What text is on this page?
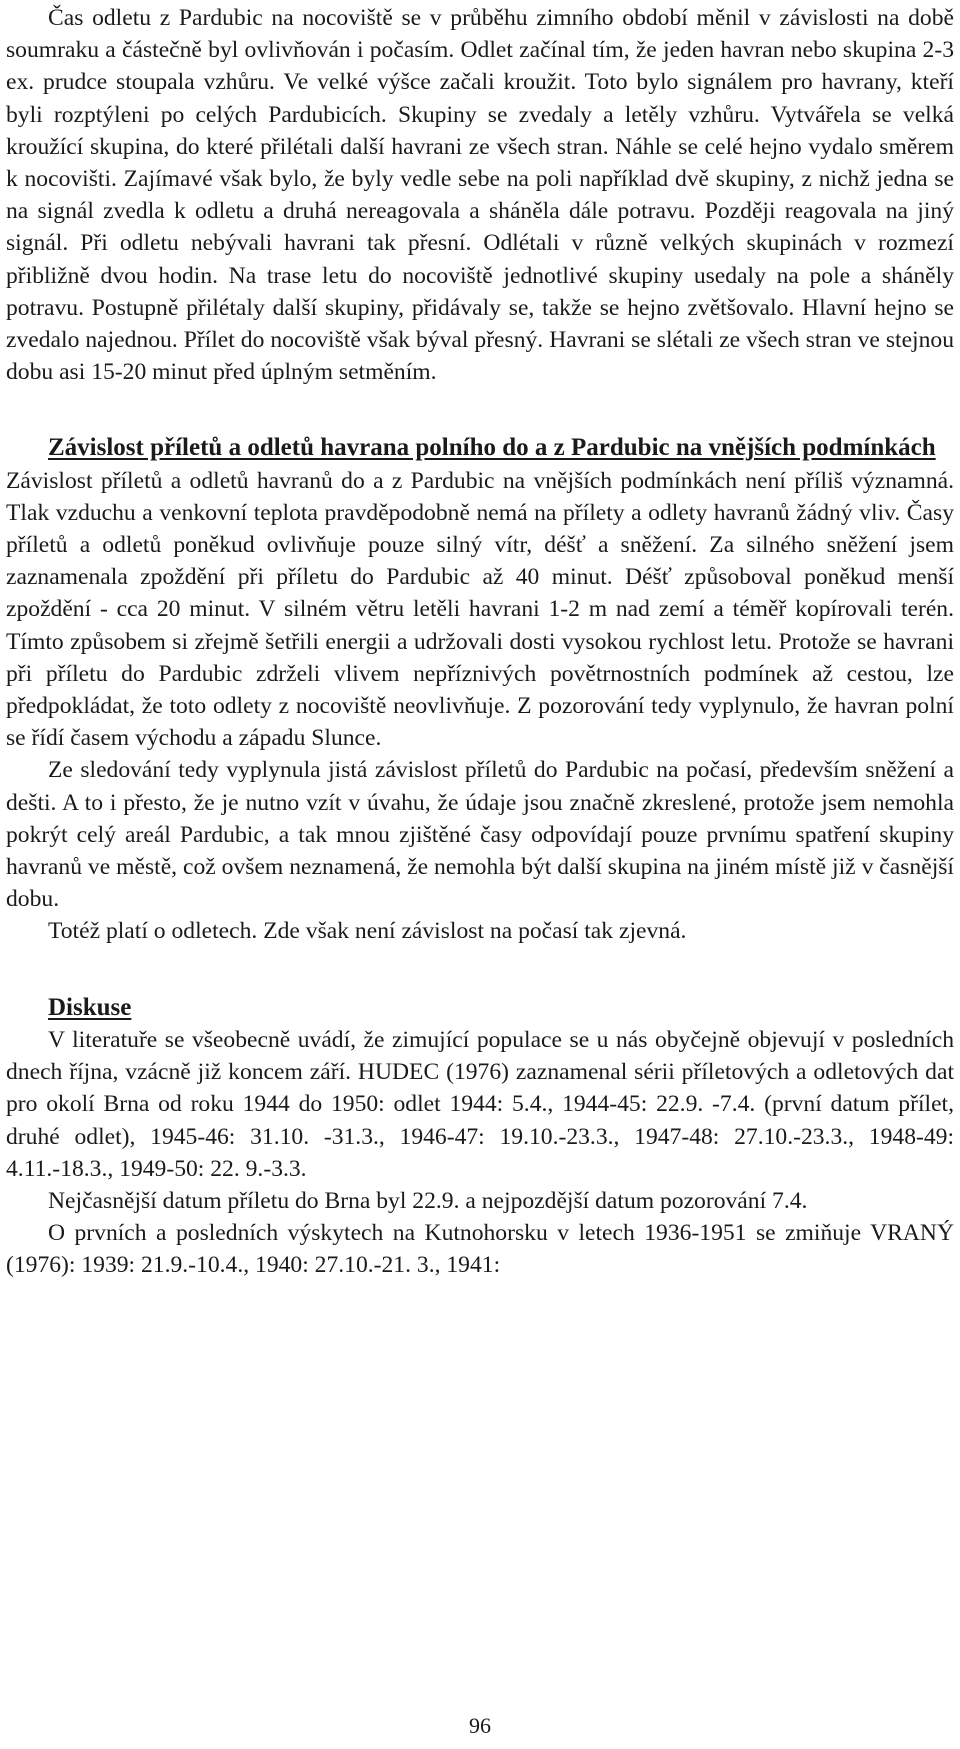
Čas odletu z Pardubic na nocoviště se v průběhu zimního období měnil v závislosti na době soumraku a částečně byl ovlivňován i počasím. Odlet začínal tím, že jeden havran nebo skupina 2-3 ex. prudce stoupala vzhůru. Ve velké výšce začali kroužit. Toto bylo signálem pro havrany, kteří byli rozptýleni po celých Pardubicích. Skupiny se zvedaly a letěly vzhůru. Vytvářela se velká kroužící skupina, do které přilétali další havrani ze všech stran. Náhle se celé hejno vydalo směrem k nocovišti. Zajímavé však bylo, že byly vedle sebe na poli například dvě skupiny, z nichž jedna se na signál zvedla k odletu a druhá nereagovala a sháněla dále potravu. Později reagovala na jiný signál. Při odletu nebývali havrani tak přesní. Odlétali v různě velkých skupinách v rozmezí přibližně dvou hodin. Na trase letu do nocoviště jednotlivé skupiny usedaly na pole a sháněly potravu. Postupně přilétaly další skupiny, přidávaly se, takže se hejno zvětšovalo. Hlavní hejno se zvedalo najednou. Přílet do nocoviště však býval přesný. Havrani se slétali ze všech stran ve stejnou dobu asi 15-20 minut před úplným setměním.

Závislost příletů a odletů havrana polního do a z Pardubic na vnějších podmínkách

Závislost příletů a odletů havranů do a z Pardubic na vnějších podmínkách není příliš významná. Tlak vzduchu a venkovní teplota pravděpodobně nemá na přílety a odlety havranů žádný vliv. Časy příletů a odletů poněkud ovlivňuje pouze silný vítr, déšť a sněžení. Za silného sněžení jsem zaznamenala zpoždění při příletu do Pardubic až 40 minut. Déšť způsoboval poněkud menší zpoždění - cca 20 minut. V silném větru letěli havrani 1-2 m nad zemí a téměř kopírovali terén. Tímto způsobem si zřejmě šetřili energii a udržovali dosti vysokou rychlost letu. Protože se havrani při příletu do Pardubic zdrželi vlivem nepříznivých povětrnostních podmínek až cestou, lze předpokládat, že toto odlety z nocoviště neovlivňuje. Z pozorování tedy vyplynulo, že havran polní se řídí časem východu a západu Slunce.

Ze sledování tedy vyplynula jistá závislost příletů do Pardubic na počasí, především sněžení a dešti. A to i přesto, že je nutno vzít v úvahu, že údaje jsou značně zkreslené, protože jsem nemohla pokrýt celý areál Pardubic, a tak mnou zjištěné časy odpovídají pouze prvnímu spatření skupiny havranů ve městě, což ovšem neznamená, že nemohla být další skupina na jiném místě již v časnější dobu.

Totéž platí o odletech. Zde však není závislost na počasí tak zjevná.

Diskuse

V literatuře se všeobecně uvádí, že zimující populace se u nás obyčejně objevují v posledních dnech října, vzácně již koncem září. HUDEC (1976) zaznamenal sérii příletových a odletových dat pro okolí Brna od roku 1944 do 1950: odlet 1944: 5.4., 1944-45: 22.9. -7.4. (první datum přílet, druhé odlet), 1945-46: 31.10. -31.3., 1946-47: 19.10.-23.3., 1947-48: 27.10.-23.3., 1948-49: 4.11.-18.3., 1949-50: 22. 9.-3.3.

Nejčasnější datum příletu do Brna byl 22.9. a nejpozdější datum pozorování 7.4.

O prvních a posledních výskytech na Kutnohorsku v letech 1936-1951 se zmiňuje VRANÝ (1976): 1939: 21.9.-10.4., 1940: 27.10.-21. 3., 1941:

96
